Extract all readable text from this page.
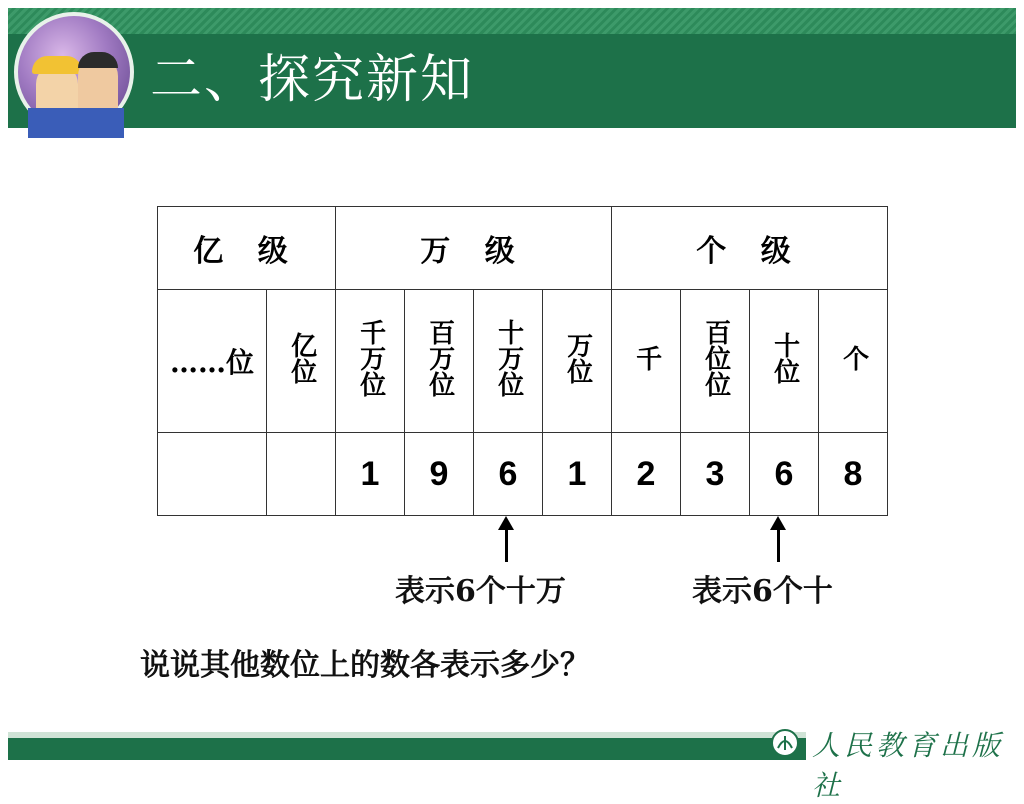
二、探究新知
亿 级		万 级				个 级			
……位	亿位	千万位	百万位	十万位	万位	千	百位位	十位	个
		1	9	6	1	2	3	6	8
表示6个十万	表示6个十
说说其他数位上的数各表示多少？
人民教育出版社
